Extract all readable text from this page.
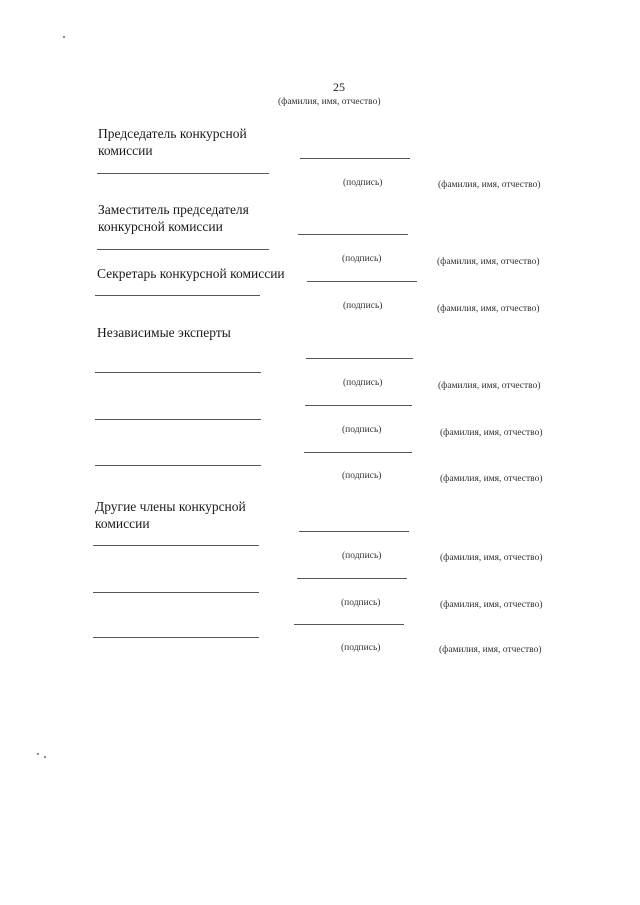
25
(фамилия, имя, отчество)
Председатель конкурсной
комиссии
(подпись)	(фамилия, имя, отчество)
Заместитель председателя
конкурсной комиссии
(подпись)	(фамилия, имя, отчество)
Секретарь конкурсной комиссии
(подпись)	(фамилия, имя, отчество)
Независимые эксперты
(подпись)	(фамилия, имя, отчество)
(подпись)	(фамилия, имя, отчество)
(подпись)	(фамилия, имя, отчество)
Другие члены конкурсной
комиссии
(подпись)	(фамилия, имя, отчество)
(подпись)	(фамилия, имя, отчество)
(подпись)	(фамилия, имя, отчество)
